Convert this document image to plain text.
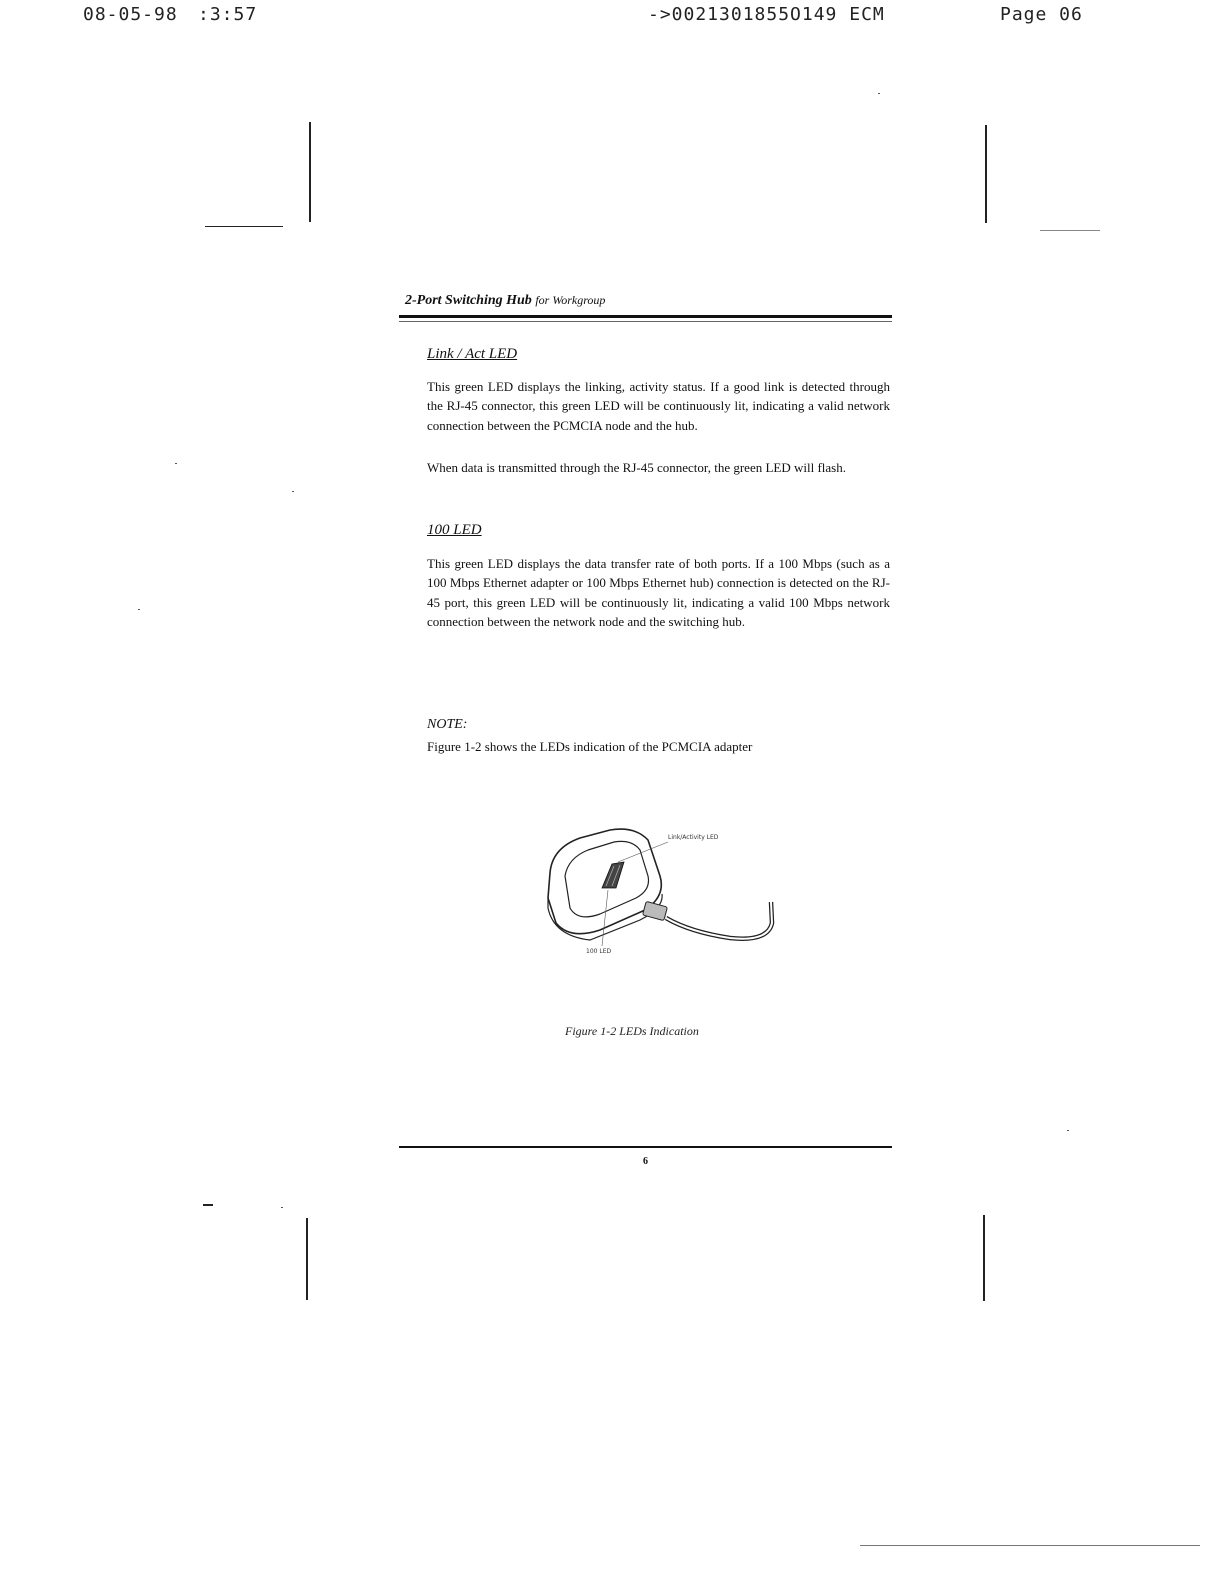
08-05-98 :3:57	->0021301855О149 ECM	Page 06
2-Port Switching Hub for Workgroup
Link / Act LED

This green LED displays the linking, activity status. If a good link is detected through the RJ-45 connector, this green LED will be continuously lit, indicating a valid network connection between the PCMCIA node and the hub.

When data is transmitted through the RJ-45 connector, the green LED will flash.

100 LED

This green LED displays the data transfer rate of both ports. If a 100 Mbps (such as a 100 Mbps Ethernet adapter or 100 Mbps Ethernet hub) connection is detected on the RJ-45 port, this green LED will be continuously lit, indicating a valid 100 Mbps network connection between the network node and the switching hub.

NOTE:
Figure 1-2 shows the LEDs indication of the PCMCIA adapter
Link/Activity LED
100 LED
Figure 1-2 LEDs Indication
6
